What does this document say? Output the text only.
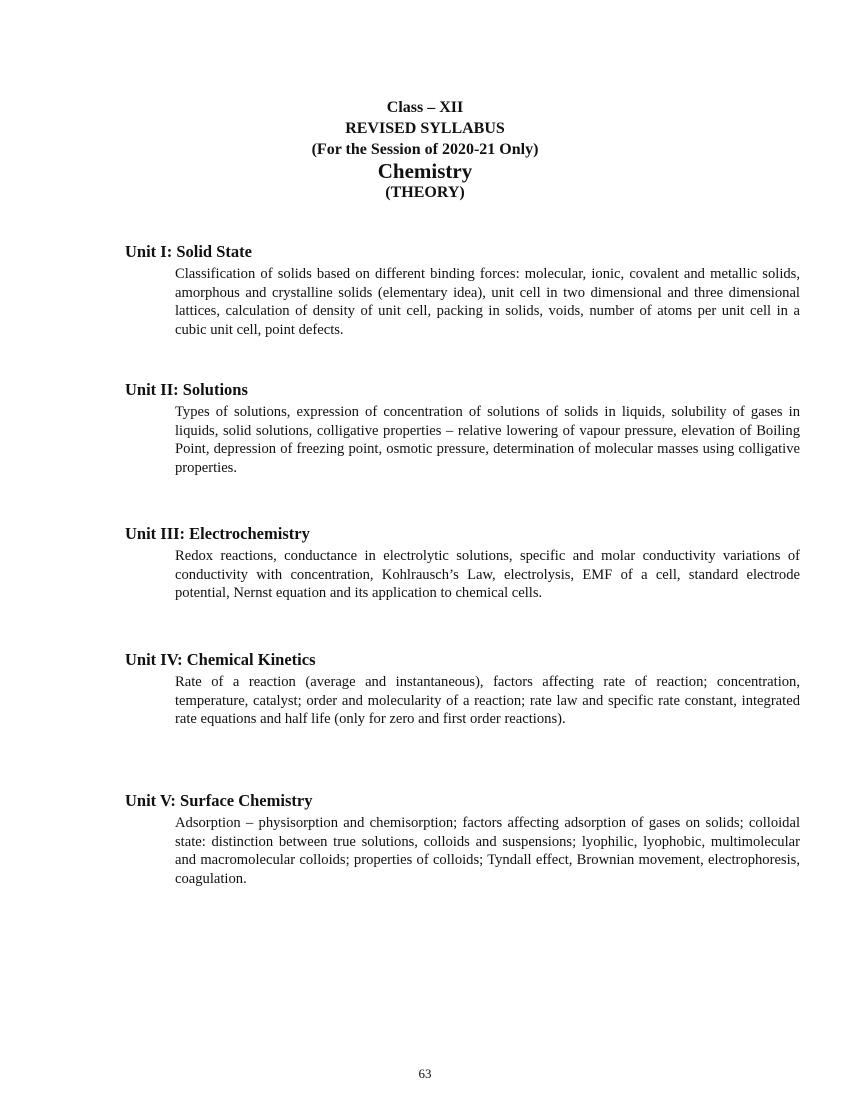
Class – XII
REVISED SYLLABUS
(For the Session of 2020-21 Only)
Chemistry
(THEORY)
Unit I: Solid State
Classification of solids based on different binding forces: molecular, ionic, covalent and metallic solids, amorphous and crystalline solids (elementary idea), unit cell in two dimensional and three dimensional lattices, calculation of density of unit cell, packing in solids, voids, number of atoms per unit cell in a cubic unit cell, point defects.
Unit II: Solutions
Types of solutions, expression of concentration of solutions of solids in liquids, solubility of gases in liquids, solid solutions, colligative properties – relative lowering of vapour pressure, elevation of Boiling Point, depression of freezing point, osmotic pressure, determination of molecular masses using colligative properties.
Unit III: Electrochemistry
Redox reactions, conductance in electrolytic solutions, specific and molar conductivity variations of conductivity with concentration, Kohlrausch’s Law, electrolysis, EMF of a cell, standard electrode potential, Nernst equation and its application to chemical cells.
Unit IV: Chemical Kinetics
Rate of a reaction (average and instantaneous), factors affecting rate of reaction; concentration, temperature, catalyst; order and molecularity of a reaction; rate law and specific rate constant, integrated rate equations and half life (only for zero and first order reactions).
Unit V: Surface Chemistry
Adsorption – physisorption and chemisorption; factors affecting adsorption of gases on solids; colloidal state: distinction between true solutions, colloids and suspensions; lyophilic, lyophobic, multimolecular and macromolecular colloids; properties of colloids; Tyndall effect, Brownian movement, electrophoresis, coagulation.
63
